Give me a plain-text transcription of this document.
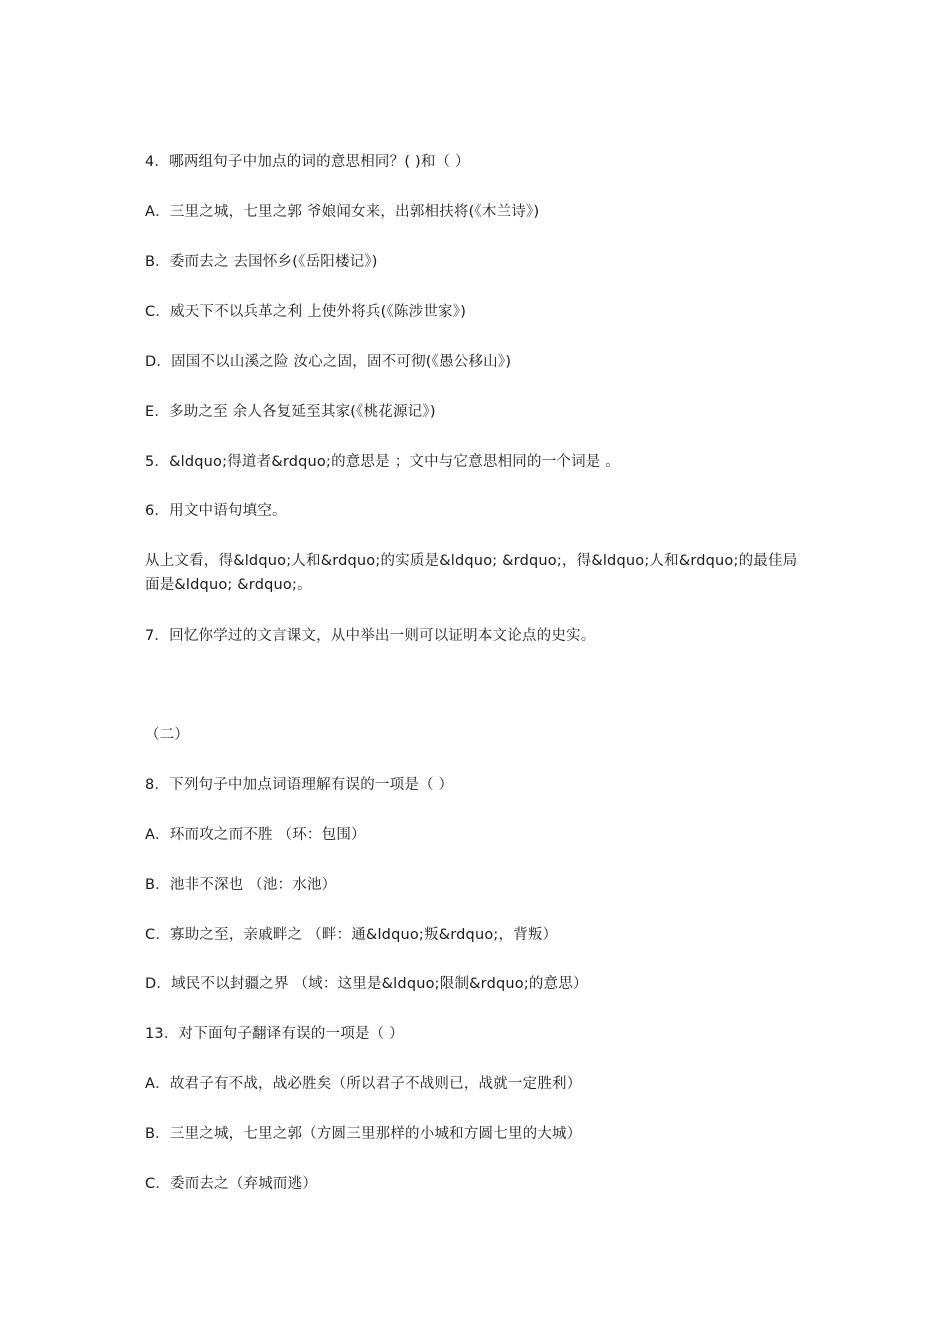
4．哪两组句子中加点的词的意思相同？( )和（ ）
A．三里之城，七里之郭 爷娘闻女来，出郭相扶将(《木兰诗》)
B．委而去之 去国怀乡(《岳阳楼记》)
C．威天下不以兵革之利 上使外将兵(《陈涉世家》)
D．固国不以山溪之险 汝心之固，固不可彻(《愚公移山》)
E．多助之至 余人各复延至其家(《桃花源记》)
5．&ldquo;得道者&rdquo;的意思是 ；文中与它意思相同的一个词是 。
6．用文中语句填空。
从上文看，得&ldquo;人和&rdquo;的实质是&ldquo; &rdquo;，得&ldquo;人和&rdquo;的最佳局面是&ldquo; &rdquo;。
7．回忆你学过的文言课文，从中举出一则可以证明本文论点的史实。
（二）
8．下列句子中加点词语理解有误的一项是（ ）
A．环而攻之而不胜 （环：包围）
B．池非不深也 （池：水池）
C．寡助之至，亲戚畔之 （畔：通&ldquo;叛&rdquo;，背叛）
D．域民不以封疆之界 （域：这里是&ldquo;限制&rdquo;的意思）
13．对下面句子翻译有误的一项是（ ）
A．故君子有不战，战必胜矣（所以君子不战则已，战就一定胜利）
B．三里之城，七里之郭（方圆三里那样的小城和方圆七里的大城）
C．委而去之（弃城而逃）
